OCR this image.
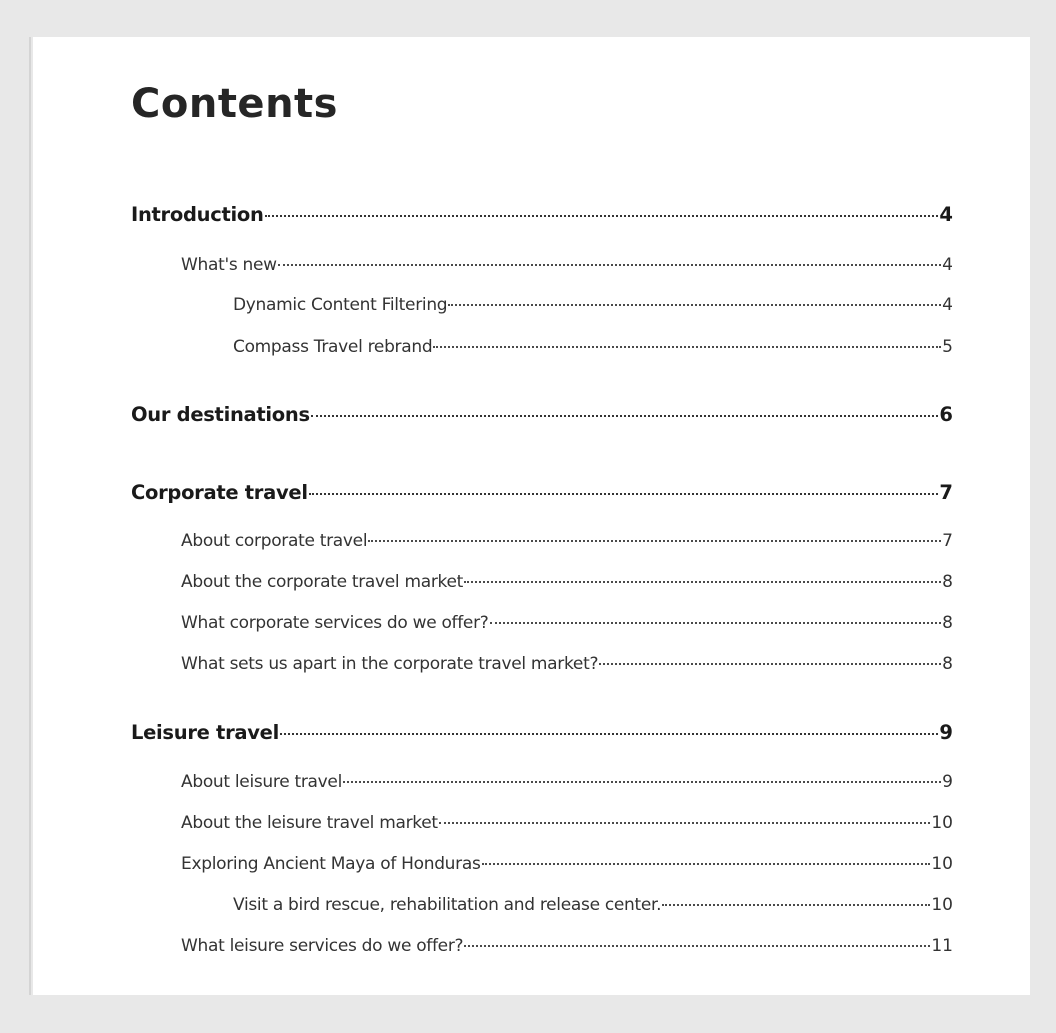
Contents
Introduction	4
What's new	4
Dynamic Content Filtering	4
Compass Travel rebrand	5
Our destinations	6
Corporate travel	7
About corporate travel	7
About the corporate travel market	8
What corporate services do we offer?	8
What sets us apart in the corporate travel market?	8
Leisure travel	9
About leisure travel	9
About the leisure travel market	10
Exploring Ancient Maya of Honduras	10
Visit a bird rescue, rehabilitation and release center.	10
What leisure services do we offer?	11
